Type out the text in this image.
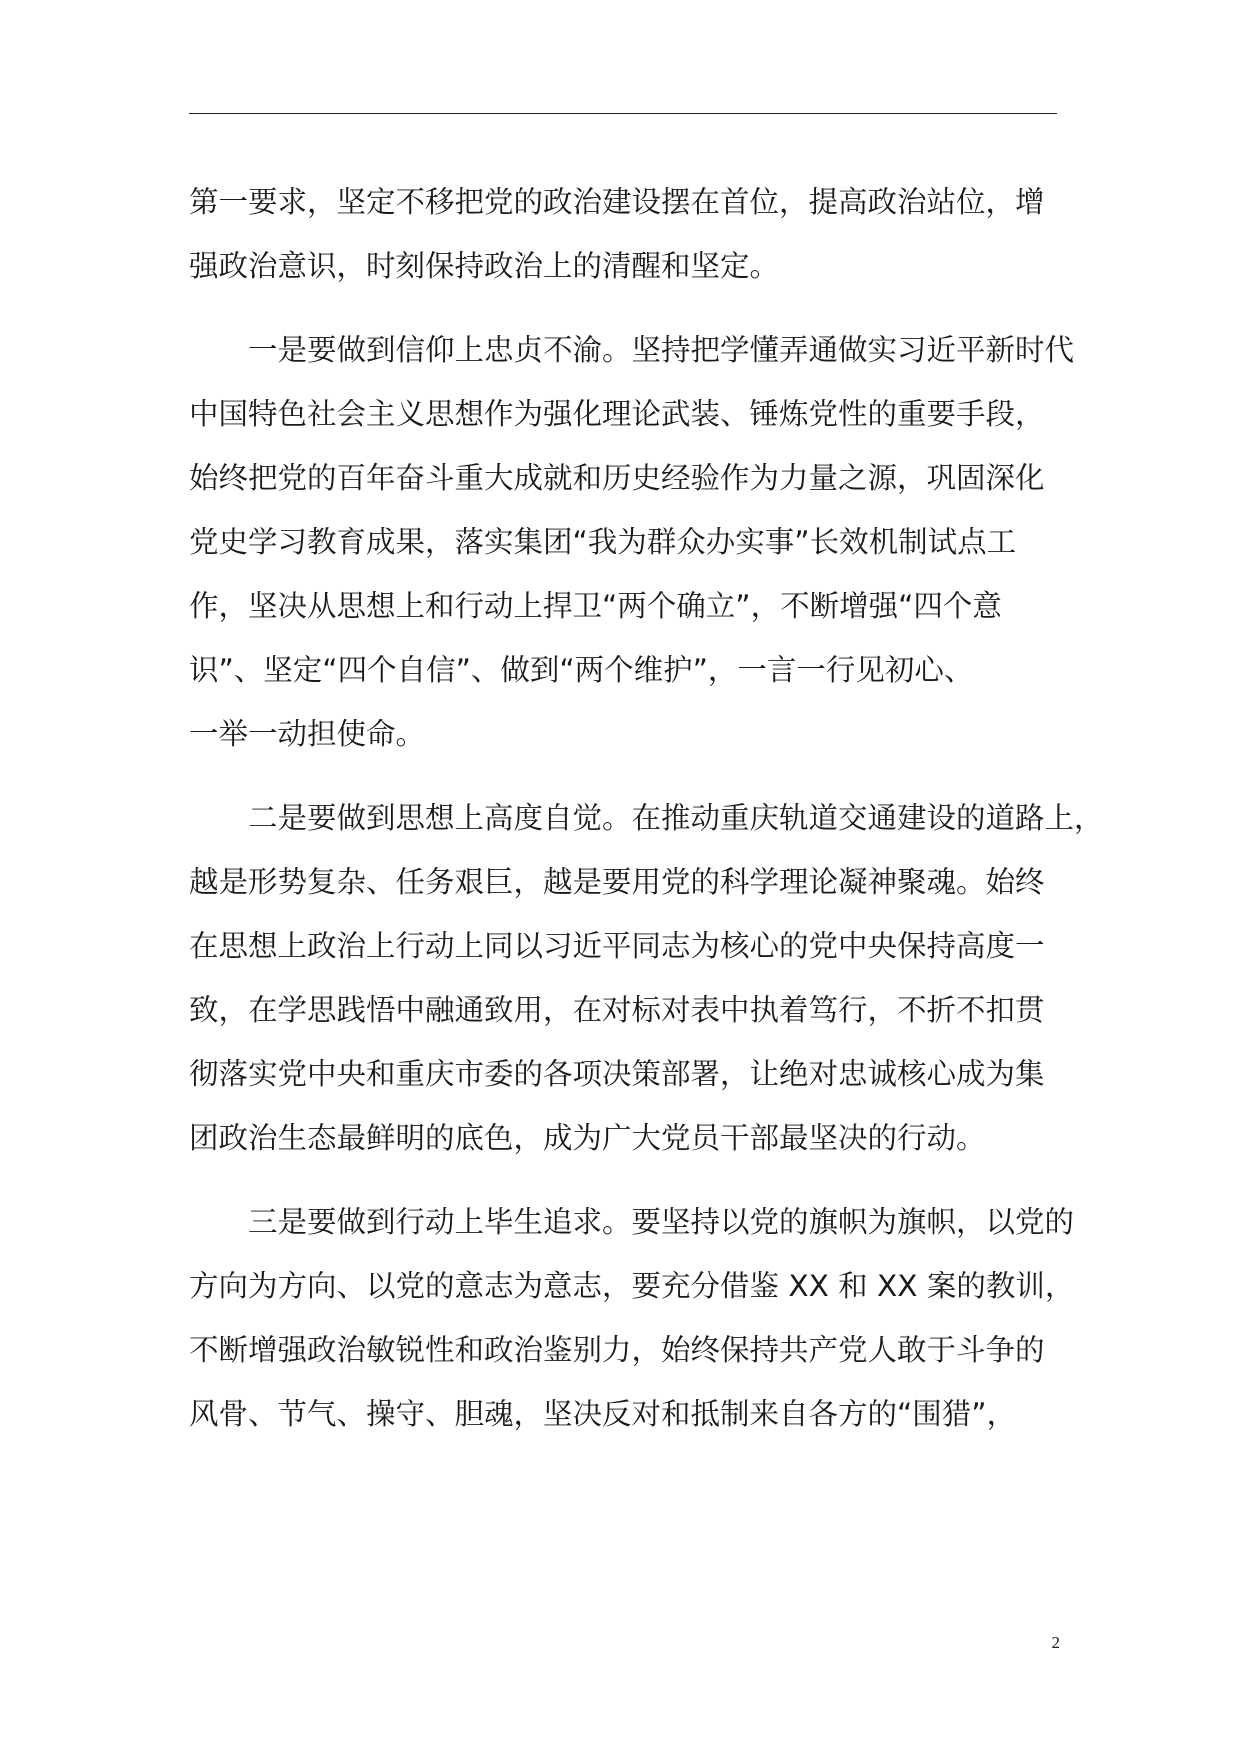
第一要求，坚定不移把党的政治建设摆在首位，提高政治站位，增
强政治意识，时刻保持政治上的清醒和坚定。
　　一是要做到信仰上忠贞不渝。坚持把学懂弄通做实习近平新时代
中国特色社会主义思想作为强化理论武装、锤炼党性的重要手段，
始终把党的百年奋斗重大成就和历史经验作为力量之源，巩固深化
党史学习教育成果，落实集团“我为群众办实事”长效机制试点工
作，坚决从思想上和行动上捍卫“两个确立”，不断增强“四个意
识”、坚定“四个自信”、做到“两个维护”，一言一行见初心、
一举一动担使命。
　　二是要做到思想上高度自觉。在推动重庆轨道交通建设的道路上，
越是形势复杂、任务艰巨，越是要用党的科学理论凝神聚魂。始终
在思想上政治上行动上同以习近平同志为核心的党中央保持高度一
致，在学思践悟中融通致用，在对标对表中执着笃行，不折不扣贯
彻落实党中央和重庆市委的各项决策部署，让绝对忠诚核心成为集
团政治生态最鲜明的底色，成为广大党员干部最坚决的行动。
　　三是要做到行动上毕生追求。要坚持以党的旗帜为旗帜，以党的
方向为方向、以党的意志为意志，要充分借鉴 XX 和 XX 案的教训，
不断增强政治敏锐性和政治鉴别力，始终保持共产党人敢于斗争的
风骨、节气、操守、胆魂，坚决反对和抵制来自各方的“围猎”，
2
